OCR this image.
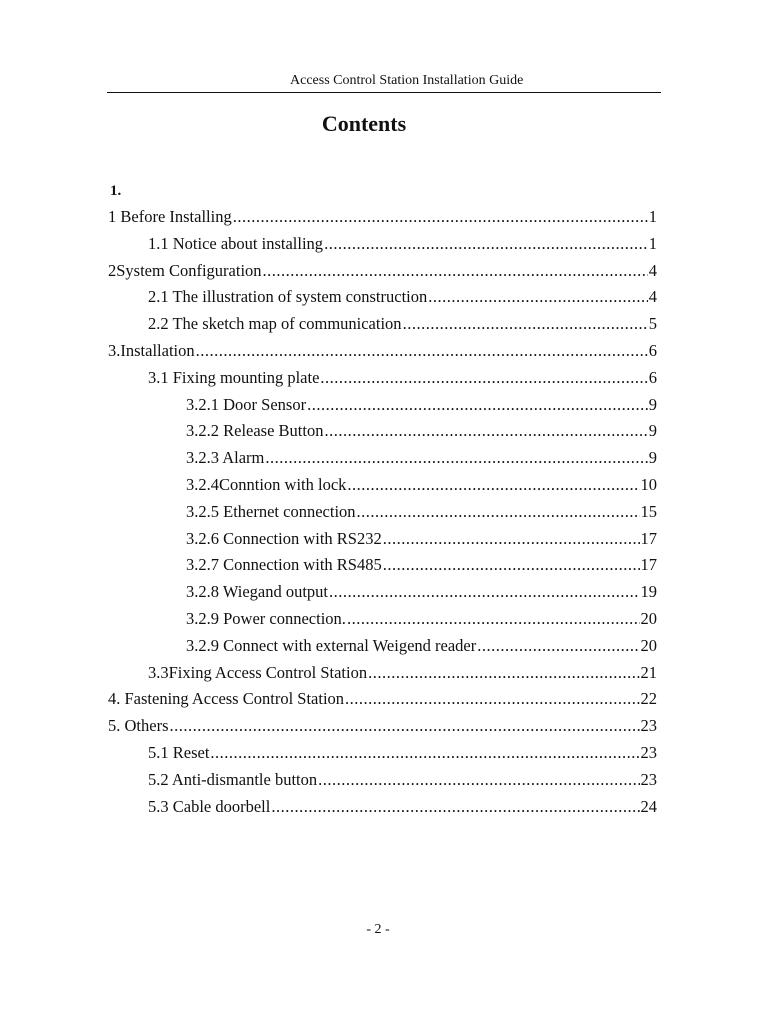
Access Control Station Installation Guide
Contents
1.
1 Before Installing .....	1
1.1 Notice about installing .....	1
2System Configuration .....	4
2.1 The illustration of system construction .....	4
2.2 The sketch map of communication .....	5
3.Installation .....	6
3.1 Fixing mounting plate .....	6
3.2.1 Door Sensor .....	9
3.2.2 Release Button .....	9
3.2.3 Alarm .....	9
3.2.4Conntion with lock .....	10
3.2.5 Ethernet connection .....	15
3.2.6 Connection with RS232 .....	17
3.2.7 Connection with RS485 .....	17
3.2.8 Wiegand output .....	19
3.2.9 Power connection. .....	20
3.2.9 Connect with external Weigend reader .....	20
3.3Fixing Access Control Station .....	21
4. Fastening Access Control Station .....	22
5. Others .....	23
5.1 Reset .....	23
5.2 Anti-dismantle button .....	23
5.3 Cable doorbell .....	24
- 2 -
